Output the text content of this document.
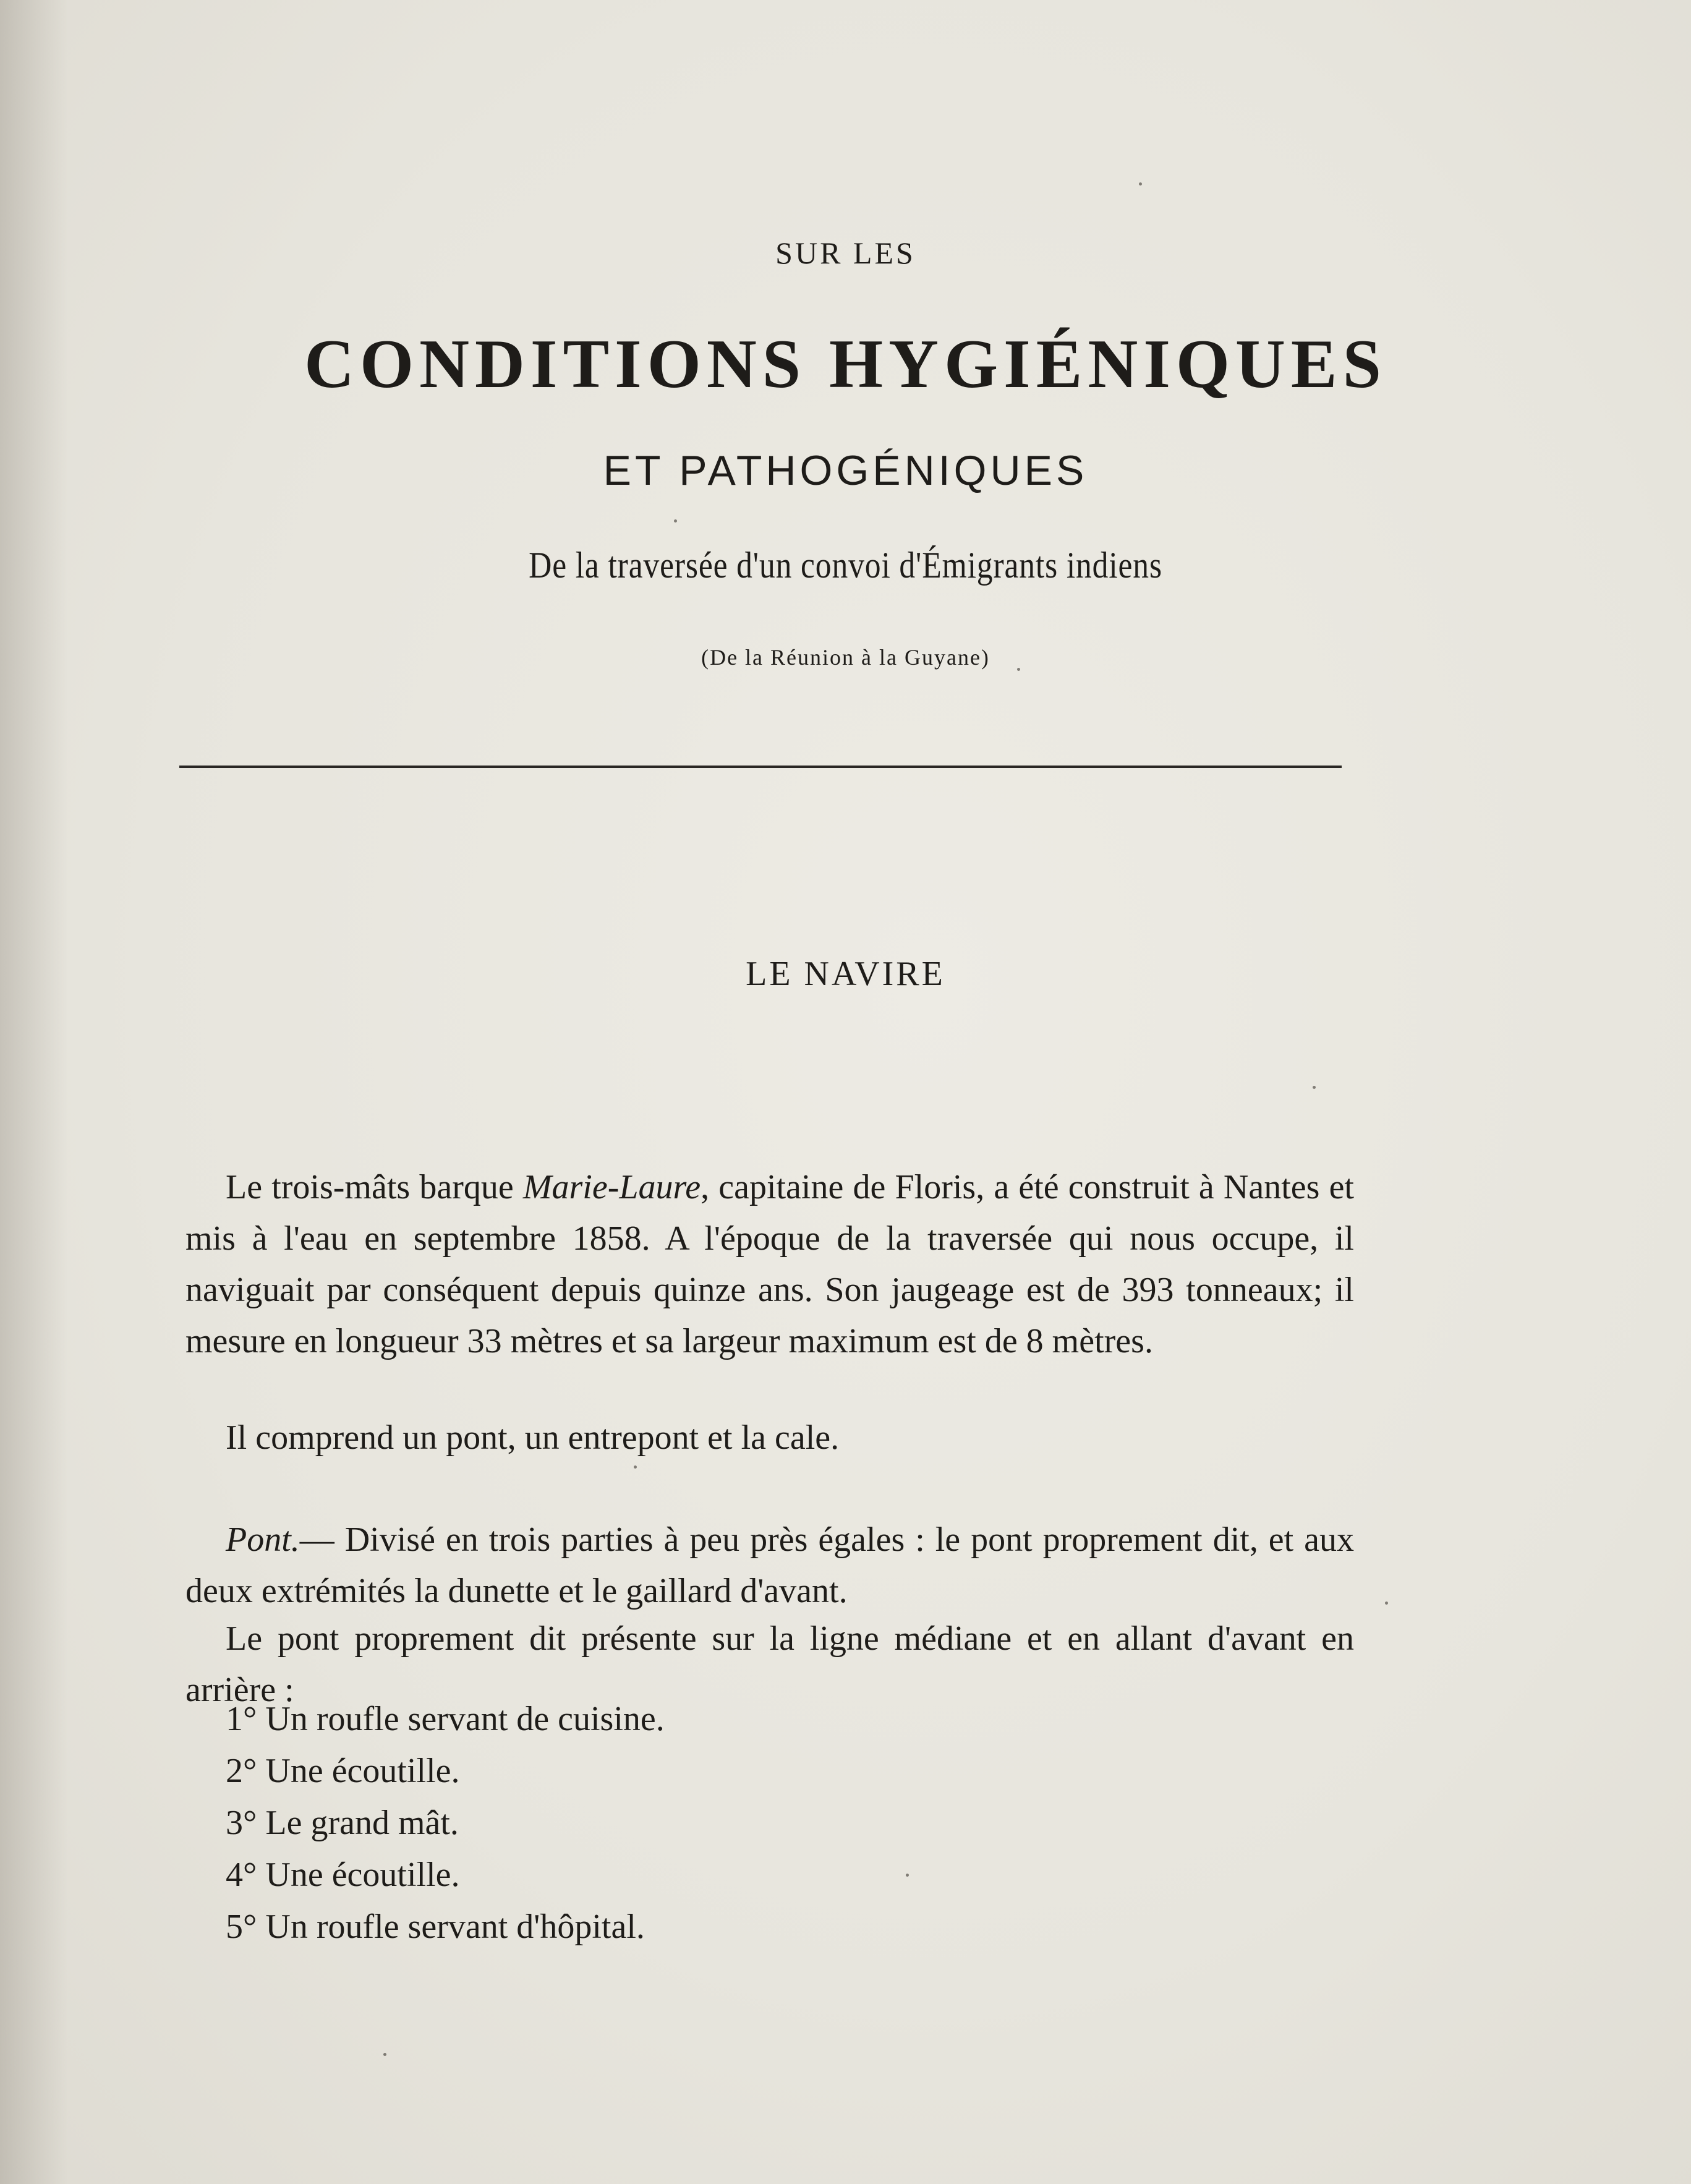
SUR LES
CONDITIONS HYGIÉNIQUES
ET PATHOGÉNIQUES
De la traversée d'un convoi d'Émigrants indiens
(De la Réunion à la Guyane)
LE NAVIRE

Le trois-mâts barque Marie-Laure, capitaine de Floris, a été construit à Nantes et mis à l'eau en septembre 1858. A l'époque de la traversée qui nous occupe, il naviguait par conséquent depuis quinze ans. Son jaugeage est de 393 tonneaux; il mesure en longueur 33 mètres et sa largeur maximum est de 8 mètres.

Il comprend un pont, un entrepont et la cale.

Pont.— Divisé en trois parties à peu près égales : le pont proprement dit, et aux deux extrémités la dunette et le gaillard d'avant.

Le pont proprement dit présente sur la ligne médiane et en allant d'avant en arrière :

1° Un roufle servant de cuisine.
2° Une écoutille.
3° Le grand mât.
4° Une écoutille.
5° Un roufle servant d'hôpital.
